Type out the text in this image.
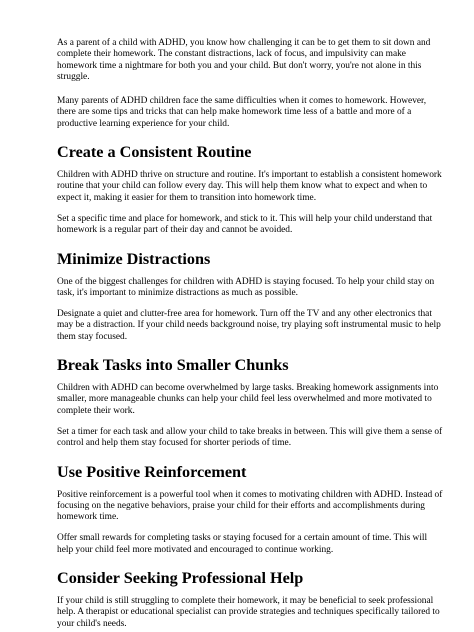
As a parent of a child with ADHD, you know how challenging it can be to get them to sit down and complete their homework. The constant distractions, lack of focus, and impulsivity can make homework time a nightmare for both you and your child. But don't worry, you're not alone in this struggle.

Many parents of ADHD children face the same difficulties when it comes to homework. However, there are some tips and tricks that can help make homework time less of a battle and more of a productive learning experience for your child.

Create a Consistent Routine

Children with ADHD thrive on structure and routine. It's important to establish a consistent homework routine that your child can follow every day. This will help them know what to expect and when to expect it, making it easier for them to transition into homework time.

Set a specific time and place for homework, and stick to it. This will help your child understand that homework is a regular part of their day and cannot be avoided.

Minimize Distractions

One of the biggest challenges for children with ADHD is staying focused. To help your child stay on task, it's important to minimize distractions as much as possible.

Designate a quiet and clutter-free area for homework. Turn off the TV and any other electronics that may be a distraction. If your child needs background noise, try playing soft instrumental music to help them stay focused.

Break Tasks into Smaller Chunks

Children with ADHD can become overwhelmed by large tasks. Breaking homework assignments into smaller, more manageable chunks can help your child feel less overwhelmed and more motivated to complete their work.

Set a timer for each task and allow your child to take breaks in between. This will give them a sense of control and help them stay focused for shorter periods of time.

Use Positive Reinforcement

Positive reinforcement is a powerful tool when it comes to motivating children with ADHD. Instead of focusing on the negative behaviors, praise your child for their efforts and accomplishments during homework time.

Offer small rewards for completing tasks or staying focused for a certain amount of time. This will help your child feel more motivated and encouraged to continue working.

Consider Seeking Professional Help

If your child is still struggling to complete their homework, it may be beneficial to seek professional help. A therapist or educational specialist can provide strategies and techniques specifically tailored to your child's needs.
